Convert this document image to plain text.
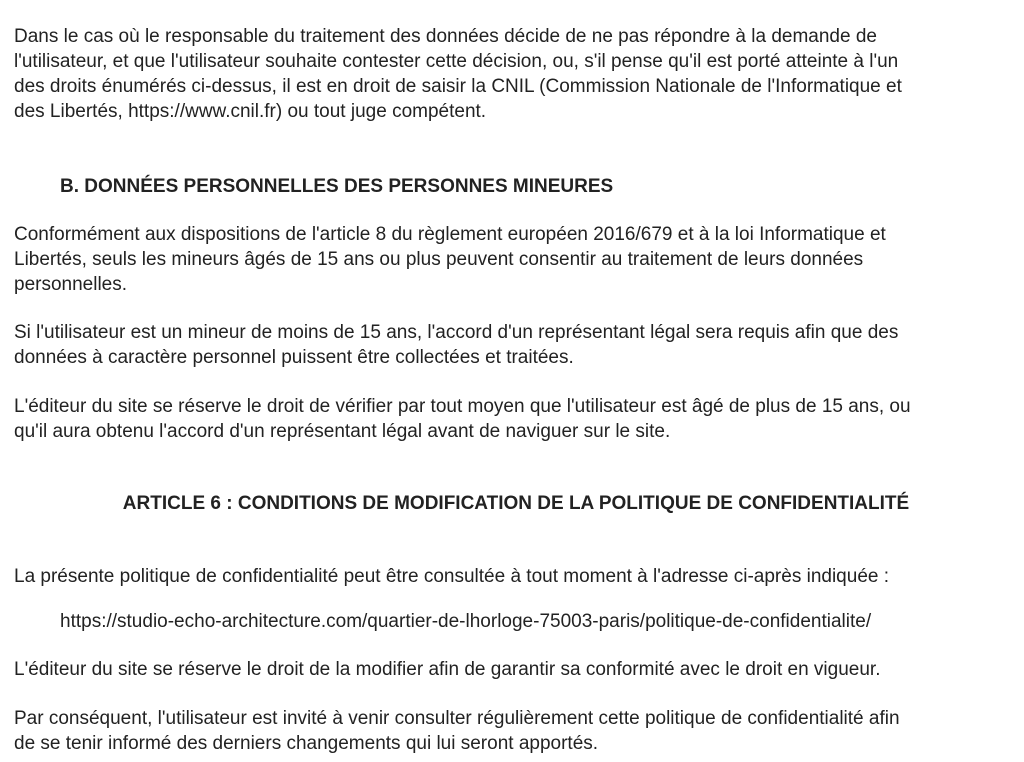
Dans le cas où le responsable du traitement des données décide de ne pas répondre à la demande de
l'utilisateur, et que l'utilisateur souhaite contester cette décision, ou, s'il pense qu'il est porté atteinte à l'un
des droits énumérés ci-dessus, il est en droit de saisir la CNIL (Commission Nationale de l'Informatique et
des Libertés, https://www.cnil.fr) ou tout juge compétent.

B. DONNÉES PERSONNELLES DES PERSONNES MINEURES

Conformément aux dispositions de l'article 8 du règlement européen 2016/679 et à la loi Informatique et
Libertés, seuls les mineurs âgés de 15 ans ou plus peuvent consentir au traitement de leurs données
personnelles.

Si l'utilisateur est un mineur de moins de 15 ans, l'accord d'un représentant légal sera requis afin que des
données à caractère personnel puissent être collectées et traitées.

L'éditeur du site se réserve le droit de vérifier par tout moyen que l'utilisateur est âgé de plus de 15 ans, ou
qu'il aura obtenu l'accord d'un représentant légal avant de naviguer sur le site.

ARTICLE 6 : CONDITIONS DE MODIFICATION DE LA POLITIQUE DE CONFIDENTIALITÉ

La présente politique de confidentialité peut être consultée à tout moment à l'adresse ci-après indiquée :

https://studio-echo-architecture.com/quartier-de-lhorloge-75003-paris/politique-de-confidentialite/

L'éditeur du site se réserve le droit de la modifier afin de garantir sa conformité avec le droit en vigueur.

Par conséquent, l'utilisateur est invité à venir consulter régulièrement cette politique de confidentialité afin
de se tenir informé des derniers changements qui lui seront apportés.
